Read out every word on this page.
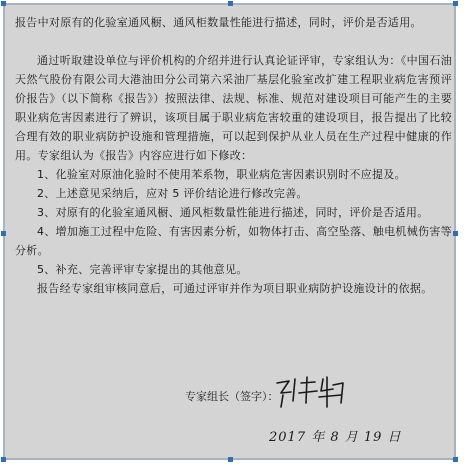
报告中对原有的化验室通风橱、通风柜数量性能进行描述，同时，评价是否适用。

通过听取建设单位与评价机构的介绍并进行认真论证评审，专家组认为：《中国石油天然气股份有限公司大港油田分公司第六采油厂基层化验室改扩建工程职业病危害预评价报告》（以下简称《报告》）按照法律、法规、标准、规范对建设项目可能产生的主要职业病危害因素进行了辨识，该项目属于职业病危害较重的建设项目，报告提出了比较合理有效的职业病防护设施和管理措施，可以起到保护从业人员在生产过程中健康的作用。专家组认为《报告》内容应进行如下修改：

1、化验室对原油化验时不使用苯系物，职业病危害因素识别时不应提及。

2、上述意见采纳后，应对 5 评价结论进行修改完善。

3、对原有的化验室通风橱、通风柜数量性能进行描述，同时，评价是否适用。

4、增加施工过程中危险、有害因素分析，如物体打击、高空坠落、触电机械伤害等分析。

5、补充、完善评审专家提出的其他意见。

报告经专家组审核同意后，可通过评审并作为项目职业病防护设施设计的依据。

专家组长（签字）：
2017 年 8 月 19 日
